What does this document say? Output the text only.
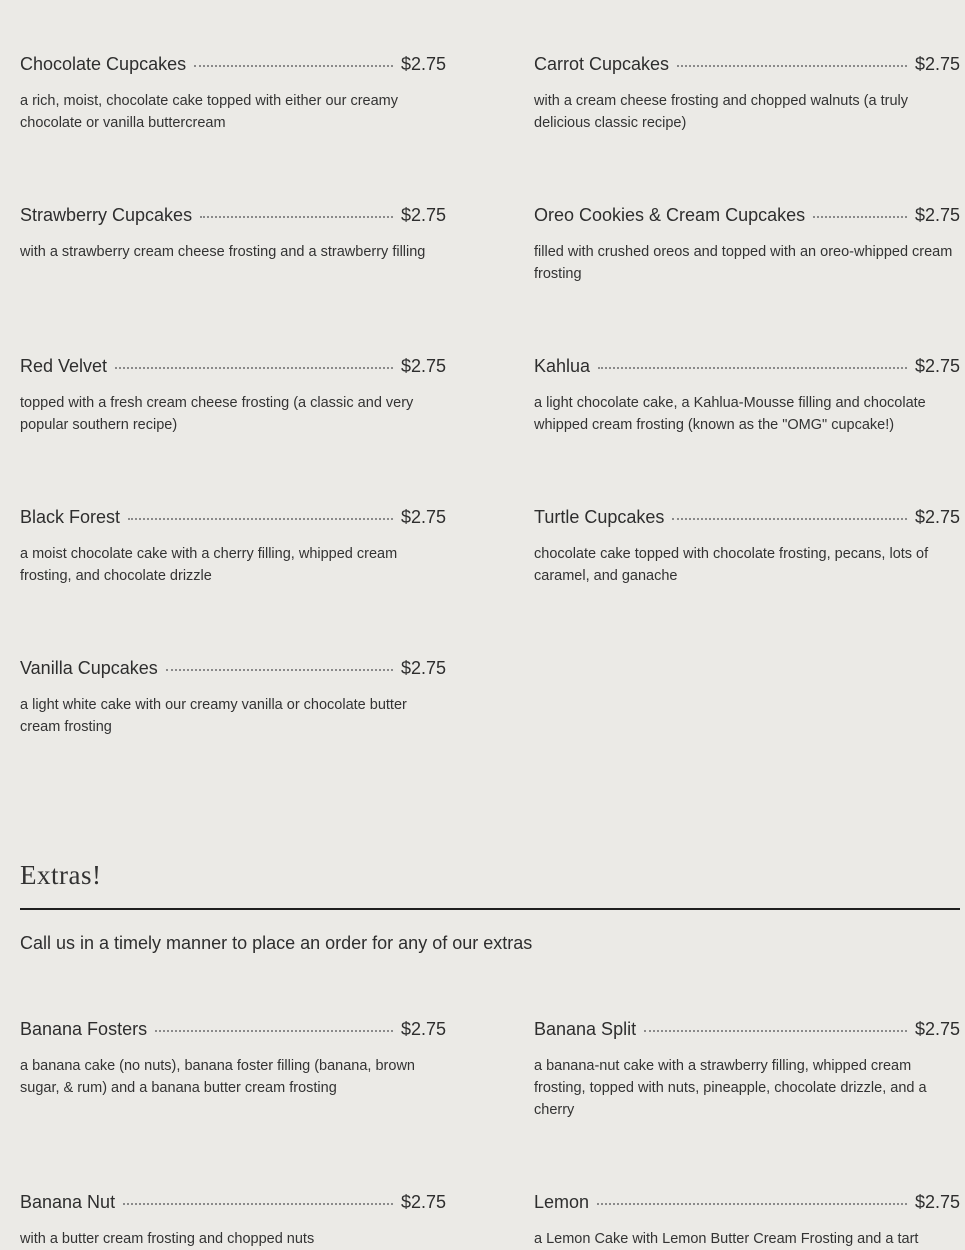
Chocolate Cupcakes	$2.75
a rich, moist, chocolate cake topped with either our creamy chocolate or vanilla buttercream
Carrot Cupcakes	$2.75
with a cream cheese frosting and chopped walnuts (a truly delicious classic recipe)
Strawberry Cupcakes	$2.75
with a strawberry cream cheese frosting and a strawberry filling
Oreo Cookies & Cream Cupcakes	$2.75
filled with crushed oreos and topped with an oreo-whipped cream frosting
Red Velvet	$2.75
topped with a fresh cream cheese frosting (a classic and very popular southern recipe)
Kahlua	$2.75
a light chocolate cake, a Kahlua-Mousse filling and chocolate whipped cream frosting (known as the "OMG" cupcake!)
Black Forest	$2.75
a moist chocolate cake with a cherry filling, whipped cream frosting, and chocolate drizzle
Turtle Cupcakes	$2.75
chocolate cake topped with chocolate frosting, pecans, lots of caramel, and ganache
Vanilla Cupcakes	$2.75
a light white cake with our creamy vanilla or chocolate butter cream frosting
Extras!
Call us in a timely manner to place an order for any of our extras
Banana Fosters	$2.75
a banana cake (no nuts), banana foster filling (banana, brown sugar, & rum) and a banana butter cream frosting
Banana Split	$2.75
a banana-nut cake with a strawberry filling, whipped cream frosting, topped with nuts, pineapple, chocolate drizzle, and a cherry
Banana Nut	$2.75
with a butter cream frosting and chopped nuts
Lemon	$2.75
a Lemon Cake with Lemon Butter Cream Frosting and a tart
